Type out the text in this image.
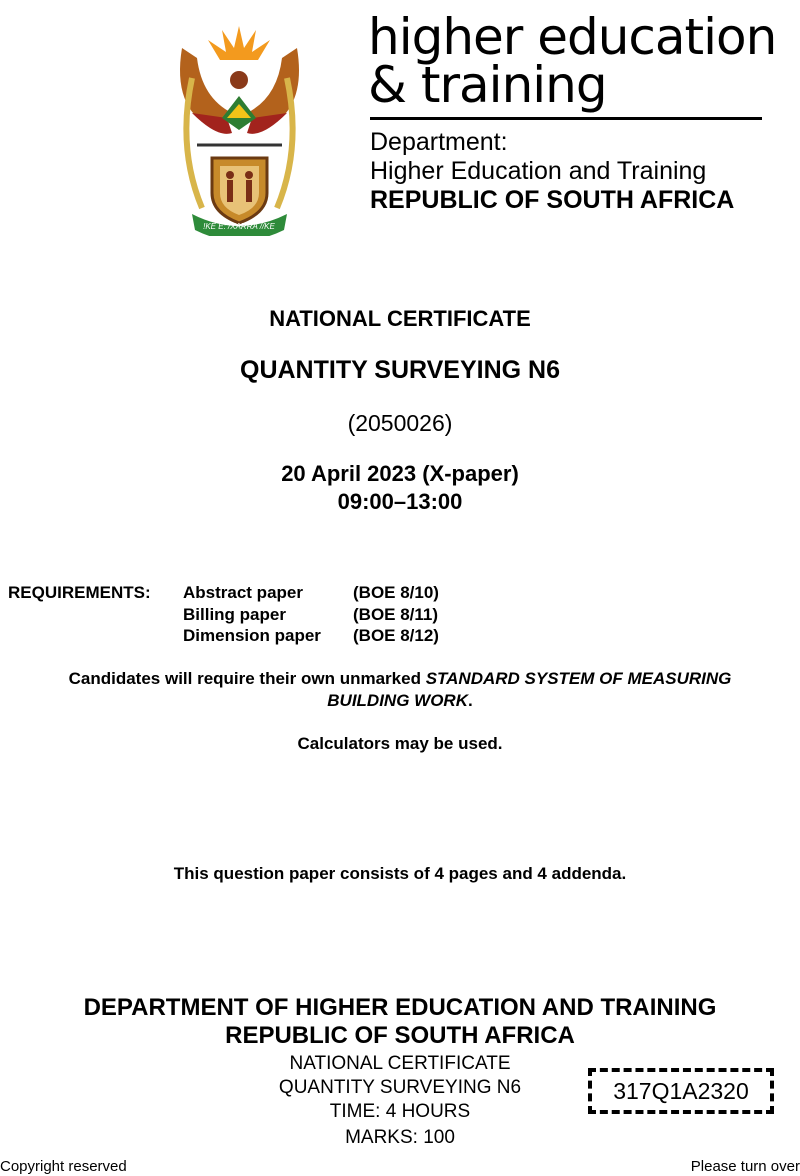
!KE E: /XARRA //KE
higher education
& training
Department:
Higher Education and Training
REPUBLIC OF SOUTH AFRICA
NATIONAL CERTIFICATE
QUANTITY SURVEYING N6
(2050026)
20 April 2023 (X-paper)
09:00–13:00
REQUIREMENTS: Abstract paper	(BOE 8/10)
Billing paper	(BOE 8/11)
Dimension paper (BOE 8/12)
Candidates will require their own unmarked STANDARD SYSTEM OF MEASURING
BUILDING WORK.
Calculators may be used.
This question paper consists of 4 pages and 4 addenda.
DEPARTMENT OF HIGHER EDUCATION AND TRAINING
REPUBLIC OF SOUTH AFRICA
NATIONAL CERTIFICATE
QUANTITY SURVEYING N6
TIME: 4 HOURS
MARKS: 100
317Q1A2320
Copyright reserved	Please turn over
